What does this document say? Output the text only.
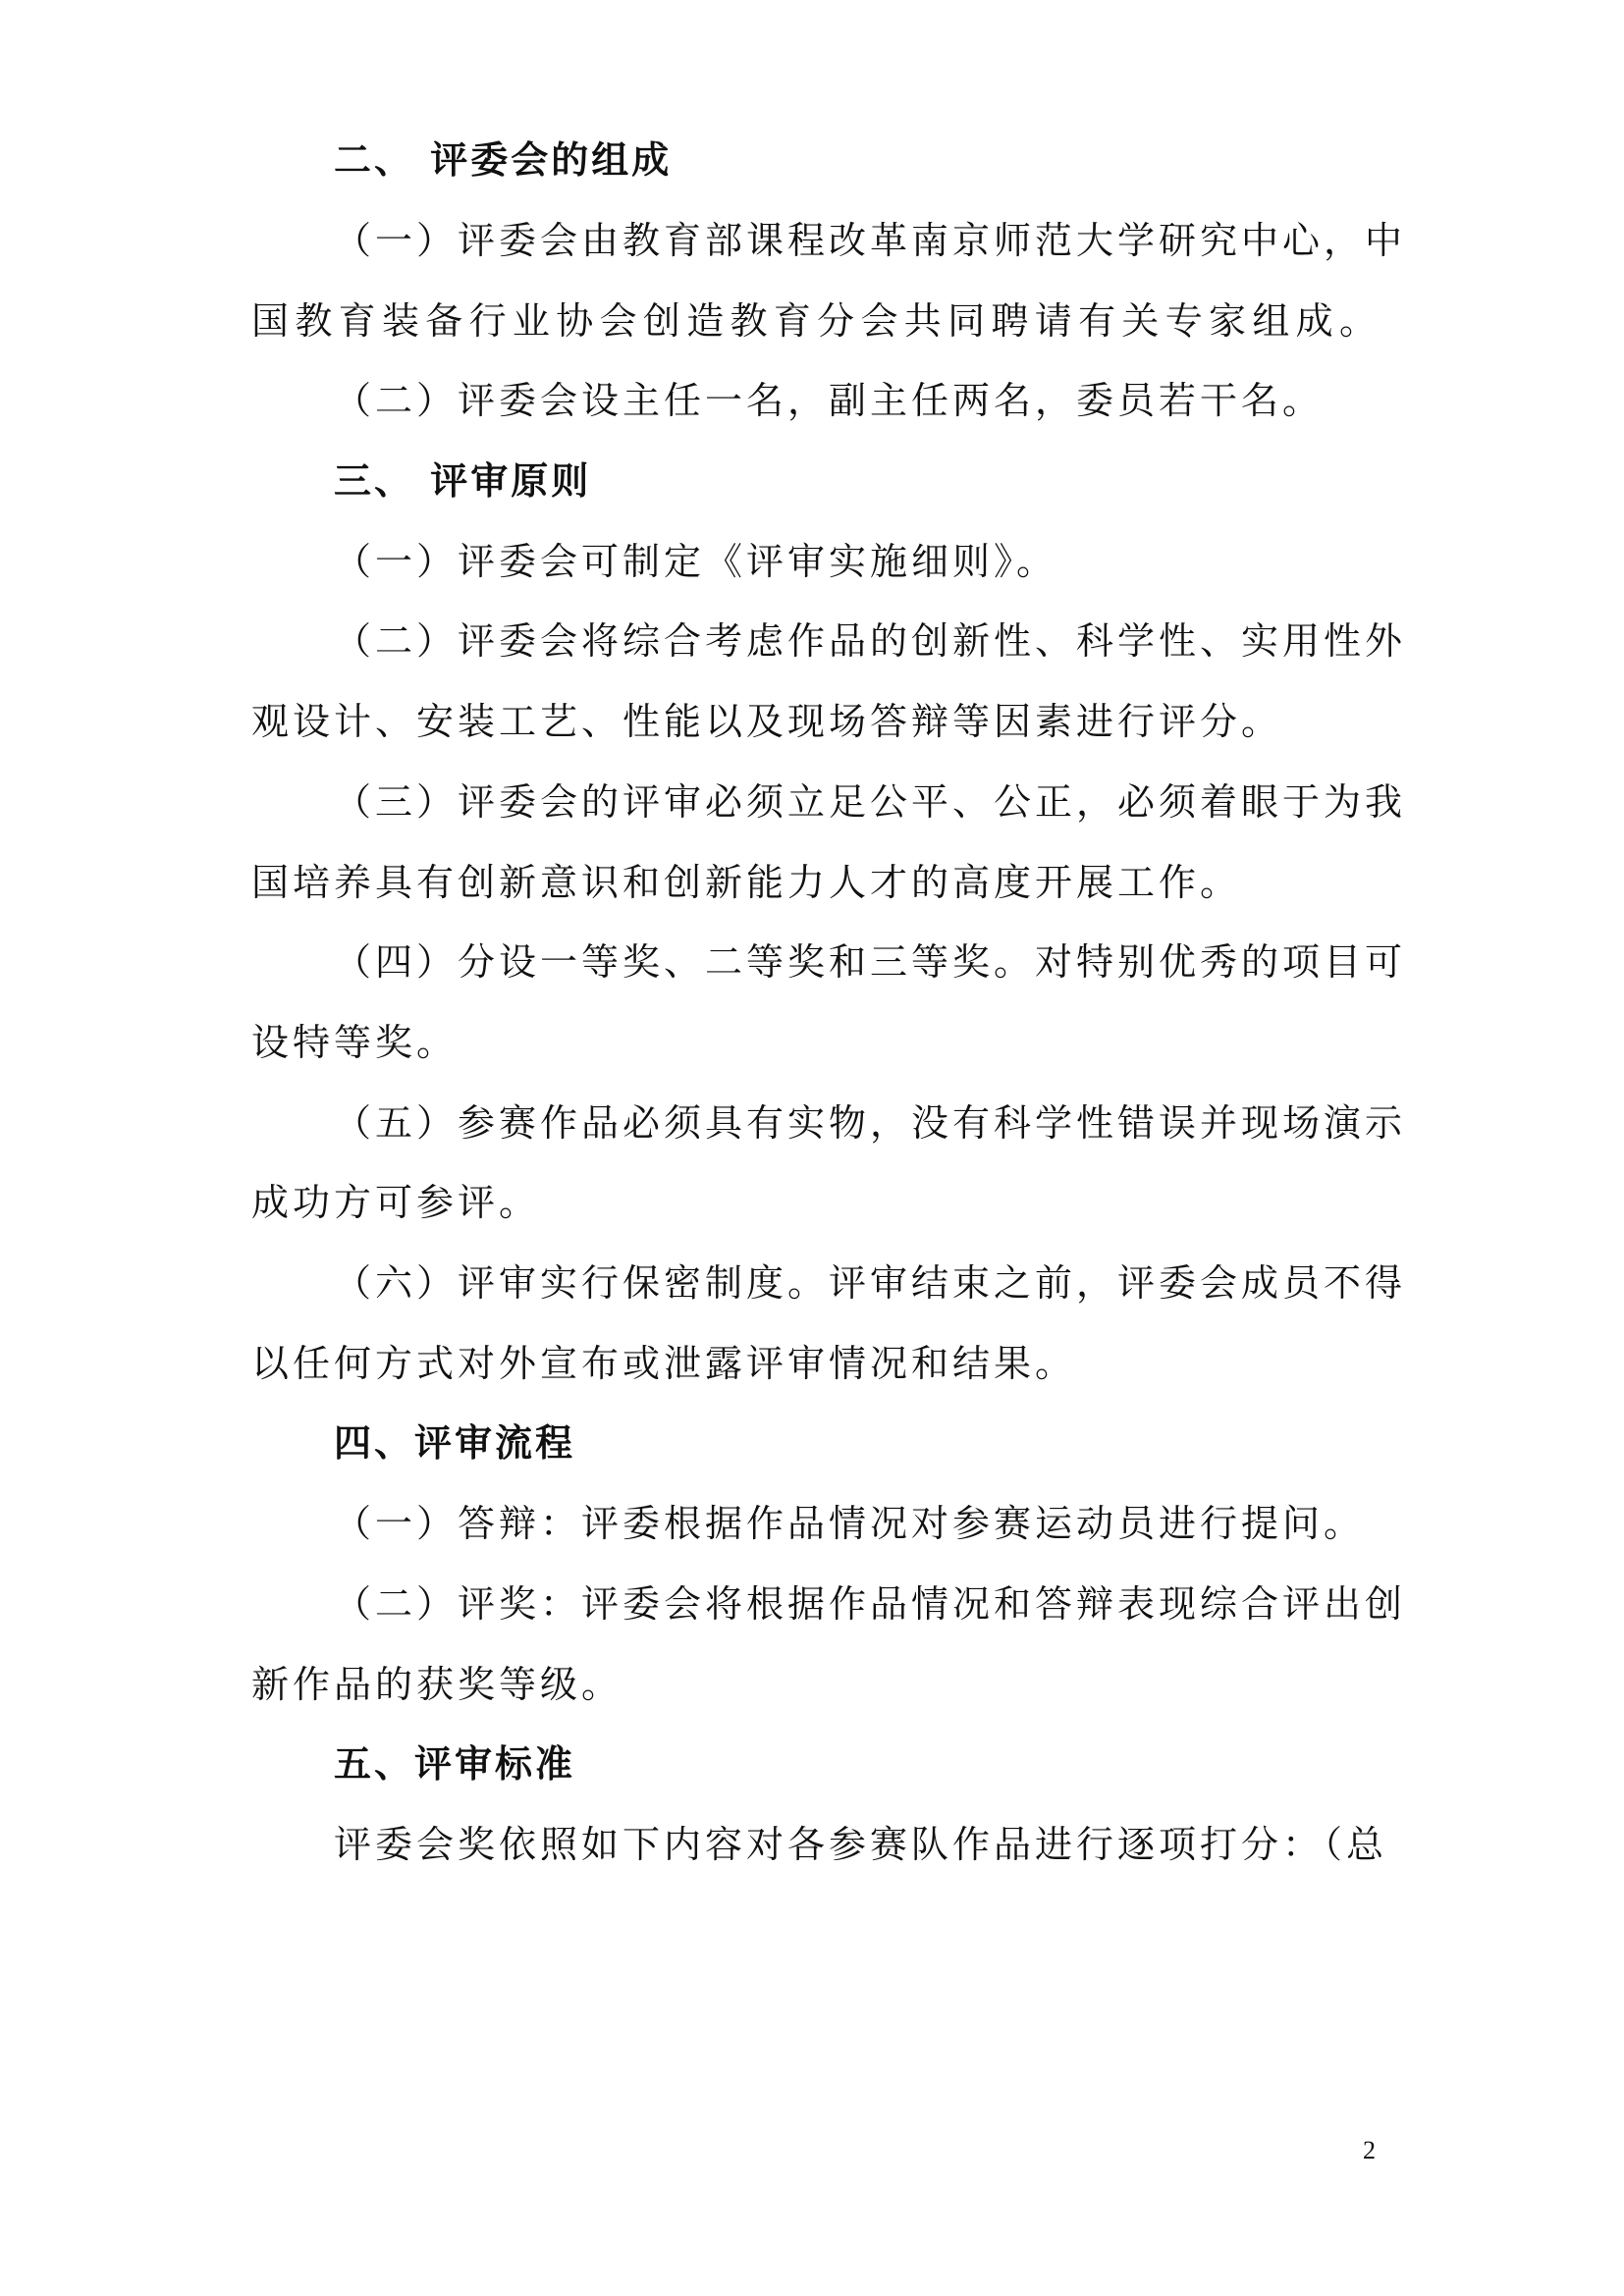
二、 评委会的组成
（一）评委会由教育部课程改革南京师范大学研究中心，中
国教育装备行业协会创造教育分会共同聘请有关专家组成。
（二）评委会设主任一名，副主任两名，委员若干名。
三、 评审原则
（一）评委会可制定《评审实施细则》。
（二）评委会将综合考虑作品的创新性、科学性、实用性外
观设计、安装工艺、性能以及现场答辩等因素进行评分。
（三）评委会的评审必须立足公平、公正，必须着眼于为我
国培养具有创新意识和创新能力人才的高度开展工作。
（四）分设一等奖、二等奖和三等奖。对特别优秀的项目可
设特等奖。
（五）参赛作品必须具有实物，没有科学性错误并现场演示
成功方可参评。
（六）评审实行保密制度。评审结束之前，评委会成员不得
以任何方式对外宣布或泄露评审情况和结果。
四、评审流程
（一）答辩：评委根据作品情况对参赛运动员进行提问。
（二）评奖：评委会将根据作品情况和答辩表现综合评出创
新作品的获奖等级。
五、评审标准
评委会奖依照如下内容对各参赛队作品进行逐项打分：（总
2
